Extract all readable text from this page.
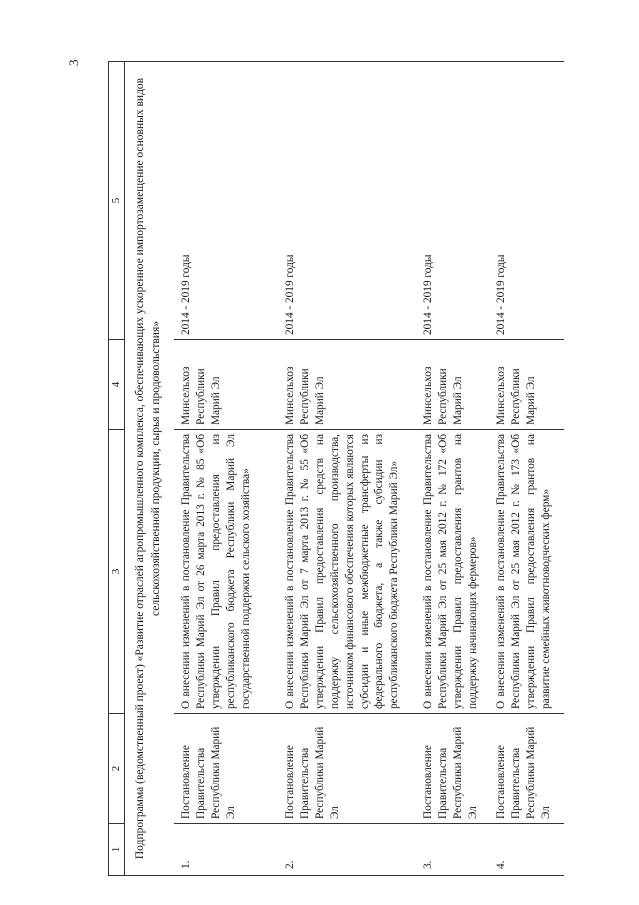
3
1	2	3	4	5
Подпрограмма (ведомственный проект) «Развитие отраслей агропромышленного комплекса, обеспечивающих ускоренное импортозамещение основных видов сельскохозяйственной продукции, сырья и продовольствия»				
1.	Постановление Правительства Республики Марий Эл	О внесении изменений в постановление Правительства Республики Марий Эл от 26 марта 2013 г. № 85 «Об утверждении Правил предоставления из республиканского бюджета Республики Марий Эл государственной поддержки сельского хозяйства»	Минсельхоз Республики Марий Эл	2014 - 2019 годы
2.	Постановление Правительства Республики Марий Эл	О внесении изменений в постановление Правительства Республики Марий Эл от 7 марта 2013 г. № 55 «Об утверждении Правил предоставления средств на поддержку сельскохозяйственного производства, источником финансового обеспечения которых являются субсидии и иные межбюджетные трансферты из федерального бюджета, а также субсидии из республиканского бюджета Республики Марий Эл»	Минсельхоз Республики Марий Эл	2014 - 2019 годы
3.	Постановление Правительства Республики Марий Эл	О внесении изменений в постановление Правительства Республики Марий Эл от 25 мая 2012 г. № 172 «Об утверждении Правил предоставления грантов на поддержку начинающих фермеров»	Минсельхоз Республики Марий Эл	2014 - 2019 годы
4.	Постановление Правительства Республики Марий Эл	О внесении изменений в постановление Правительства Республики Марий Эл от 25 мая 2012 г. № 173 «Об утверждении Правил предоставления грантов на развитие семейных животноводческих ферм»	Минсельхоз Республики Марий Эл	2014 - 2019 годы
